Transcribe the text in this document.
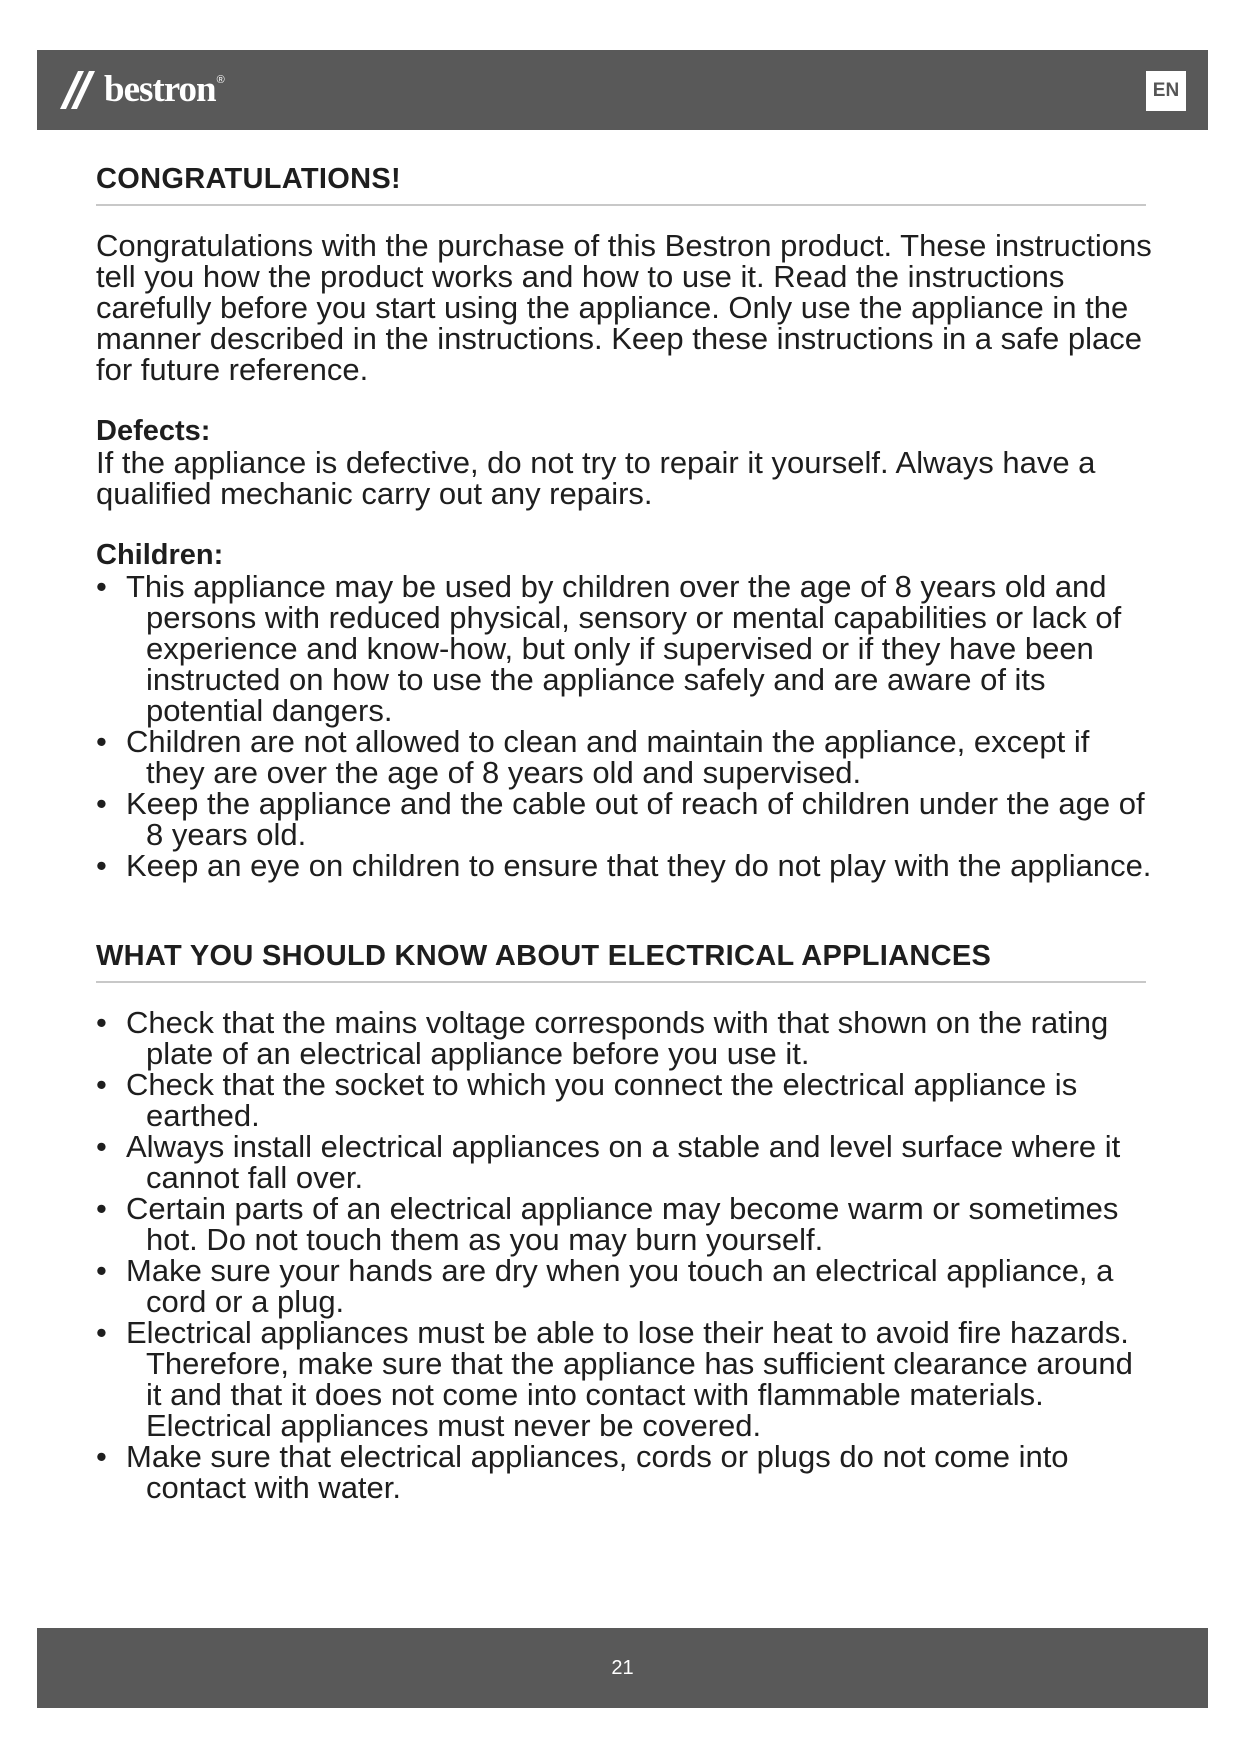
bestron ®	EN
CONGRATULATIONS!

Congratulations with the purchase of this Bestron product. These instructions tell you how the product works and how to use it. Read the instructions carefully before you start using the appliance. Only use the appliance in the manner described in the instructions. Keep these instructions in a safe place for future reference.

Defects:

If the appliance is defective, do not try to repair it yourself. Always have a qualified mechanic carry out any repairs.

Children:

• This appliance may be used by children over the age of 8 years old and persons with reduced physical, sensory or mental capabilities or lack of experience and know-how, but only if supervised or if they have been instructed on how to use the appliance safely and are aware of its potential dangers.
• Children are not allowed to clean and maintain the appliance, except if they are over the age of 8 years old and supervised.
• Keep the appliance and the cable out of reach of children under the age of 8 years old.
• Keep an eye on children to ensure that they do not play with the appliance.
WHAT YOU SHOULD KNOW ABOUT ELECTRICAL APPLIANCES
• Check that the mains voltage corresponds with that shown on the rating plate of an electrical appliance before you use it.
• Check that the socket to which you connect the electrical appliance is earthed.
• Always install electrical appliances on a stable and level surface where it cannot fall over.
• Certain parts of an electrical appliance may become warm or sometimes hot. Do not touch them as you may burn yourself.
• Make sure your hands are dry when you touch an electrical appliance, a cord or a plug.
• Electrical appliances must be able to lose their heat to avoid fire hazards. Therefore, make sure that the appliance has sufficient clearance around it and that it does not come into contact with flammable materials. Electrical appliances must never be covered.
• Make sure that electrical appliances, cords or plugs do not come into contact with water.
21
